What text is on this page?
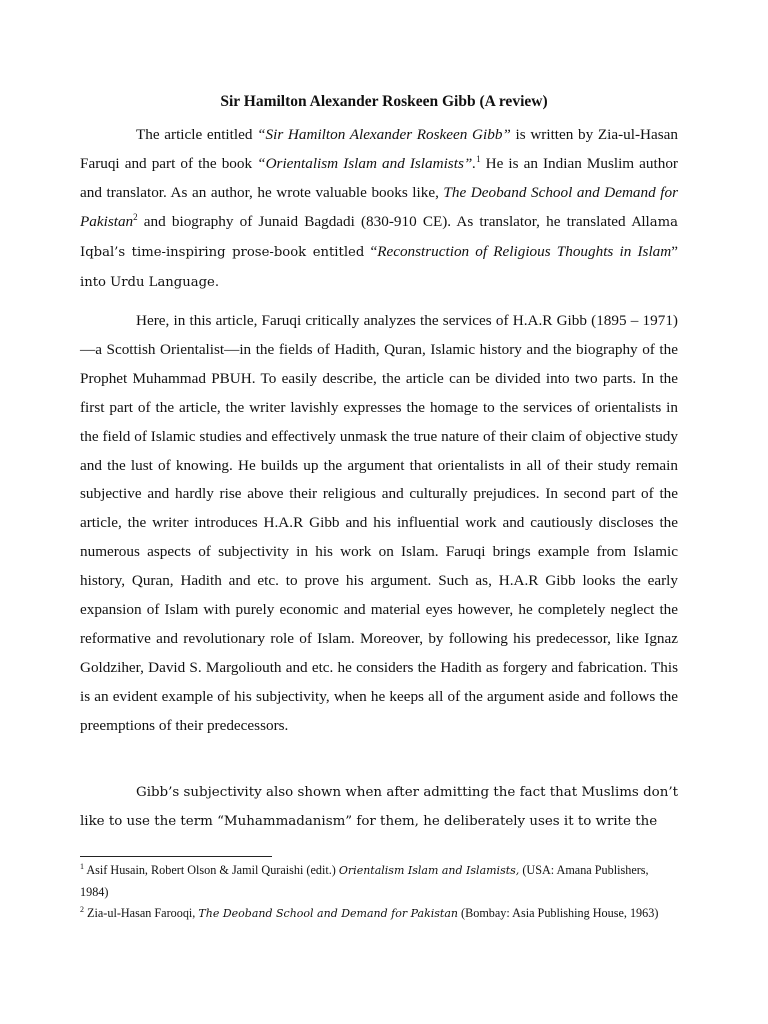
Sir Hamilton Alexander Roskeen Gibb (A review)

The article entitled “Sir Hamilton Alexander Roskeen Gibb” is written by Zia-ul-Hasan Faruqi and part of the book “Orientalism Islam and Islamists”.$^1$ He is an Indian Muslim author and translator. As an author, he wrote valuable books like, The Deoband School and Demand for Pakistan$^2$ and biography of Junaid Bagdadi (830-910 CE). As translator, he translated Allama Iqbal’s time-inspiring prose-book entitled “Reconstruction of Religious Thoughts in Islam” into Urdu Language.

Here, in this article, Faruqi critically analyzes the services of H.A.R Gibb (1895 – 1971)—a Scottish Orientalist—in the fields of Hadith, Quran, Islamic history and the biography of the Prophet Muhammad PBUH. To easily describe, the article can be divided into two parts. In the first part of the article, the writer lavishly expresses the homage to the services of orientalists in the field of Islamic studies and effectively unmask the true nature of their claim of objective study and the lust of knowing. He builds up the argument that orientalists in all of their study remain subjective and hardly rise above their religious and culturally prejudices. In second part of the article, the writer introduces H.A.R Gibb and his influential work and cautiously discloses the numerous aspects of subjectivity in his work on Islam. Faruqi brings example from Islamic history, Quran, Hadith and etc. to prove his argument. Such as, H.A.R Gibb looks the early expansion of Islam with purely economic and material eyes however, he completely neglect the reformative and revolutionary role of Islam. Moreover, by following his predecessor, like Ignaz Goldziher, David S. Margoliouth and etc. he considers the Hadith as forgery and fabrication. This is an evident example of his subjectivity, when he keeps all of the argument aside and follows the preemptions of their predecessors.

Gibb’s subjectivity also shown when after admitting the fact that Muslims don’t like to use the term “Muhammadanism” for them, he deliberately uses it to write the

$^1$ Asif Husain, Robert Olson & Jamil Quraishi (edit.) Orientalism Islam and Islamists, (USA: Amana Publishers, 1984)
$^2$ Zia-ul-Hasan Farooqi, The Deoband School and Demand for Pakistan (Bombay: Asia Publishing House, 1963)
